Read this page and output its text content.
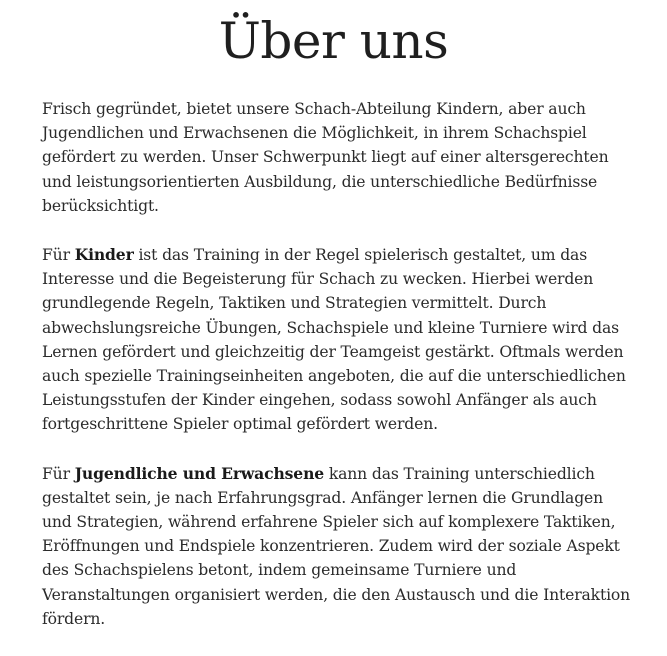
Über uns

Frisch gegründet, bietet unsere Schach-Abteilung Kindern, aber auch Jugendlichen und Erwachsenen die Möglichkeit, in ihrem Schachspiel gefördert zu werden. Unser Schwerpunkt liegt auf einer altersgerechten und leistungsorientierten Ausbildung, die unterschiedliche Bedürfnisse berücksichtigt.

Für Kinder ist das Training in der Regel spielerisch gestaltet, um das Interesse und die Begeisterung für Schach zu wecken. Hierbei werden grundlegende Regeln, Taktiken und Strategien vermittelt. Durch abwechslungsreiche Übungen, Schachspiele und kleine Turniere wird das Lernen gefördert und gleichzeitig der Teamgeist gestärkt. Oftmals werden auch spezielle Trainingseinheiten angeboten, die auf die unterschiedlichen Leistungsstufen der Kinder eingehen, sodass sowohl Anfänger als auch fortgeschrittene Spieler optimal gefördert werden.

Für Jugendliche und Erwachsene kann das Training unterschiedlich gestaltet sein, je nach Erfahrungsgrad. Anfänger lernen die Grundlagen und Strategien, während erfahrene Spieler sich auf komplexere Taktiken, Eröffnungen und Endspiele konzentrieren. Zudem wird der soziale Aspekt des Schachspielens betont, indem gemeinsame Turniere und Veranstaltungen organisiert werden, die den Austausch und die Interaktion fördern.
